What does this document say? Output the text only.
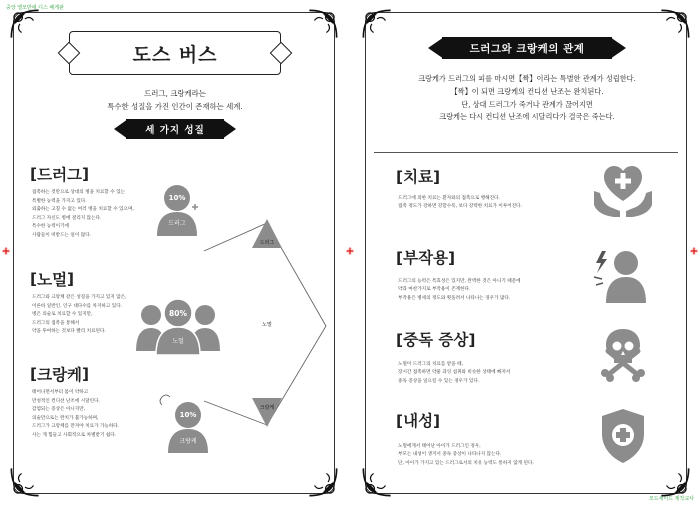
중앙 엘모반에 디스 배게판
모드세이드 제작교사
도스 버스
드러그, 크랑케라는
특수한 성질을 가진 인간이 존재하는 세계.
세 가지 성질
[ 드러그 ]
접촉하는 것만으로 상대의 병을 치료할 수 있는
특별한 능력을 가지고 있다.
외출하는 고칠 수 없는 여러 병을 치료할 수 있으며,
드러그 자신도 병에 걸리지 않는다.
특수한 능력이기에
사람들이 떠받드는 일이 많다.
[ 노멀 ]
드러그와 크랑케 같은 성질을 가지고 있지 않은,
이른바 일반인. 인구 대다수를 차지하고 있다.
병은 의술로 치료할 수 있지만,
드러그의 접촉을 통해서
약을 투여하는 것보다 빨리 치료된다.
[ 크랑케 ]
태어나면서부터 몸이 약하고
만성적인 컨디션 난조에 시달린다.
감염되는 증상은 아니지만,
의술만으로는 완치가 불가능하며,
드러그가 크랑케를 만져야 치료가 가능하다.
사는 게 힘들고 사회적으로 차별받기 쉽다.
드러그
노멀
크랑케
10%
드러그
80%
노멀
10%
크랑케
드러그와 크랑케의 관계
크랑케가 드러그의 피를 마시면【짝】이라는 특별한 관계가 성립한다.
【짝】이 되면 크랑케의 컨디션 난조는 완치된다.
단, 상대 드러그가 죽거나 관계가 끊어지면
크랑케는 다시 컨디션 난조에 시달리다가 결국은 죽는다.
[치료]
드러그에 의한 치료는 환자와의 접촉으로 행해진다.
접촉 정도가 강하면 강할수록, 보다 강력한 치료가 이루어진다.
[부작용]
드러그의 능력은 특효성은 있지만, 완벽한 것은 아니기 때문에
약과 마찬가지로 부작용이 존재한다.
부작용은 병세의 정도와 횟돌려서 나타나는 경우가 많다.
[중독 증상]
노멀이 드러그의 치료를 받을 때,
장시간 접촉하면 약물 과잉 섭취와 비슷한 상태에 빠져서
중독 증상을 일으킬 수 있는 경우가 있다.
[내성]
노멀에게서 태어난 아이가 드러그인 경우,
부모는 내성이 생겨서 중독 증상이 나타나지 않는다.
단, 아이가 가지고 있는 드러그로서의 치유 능력도 통하지 않게 된다.
